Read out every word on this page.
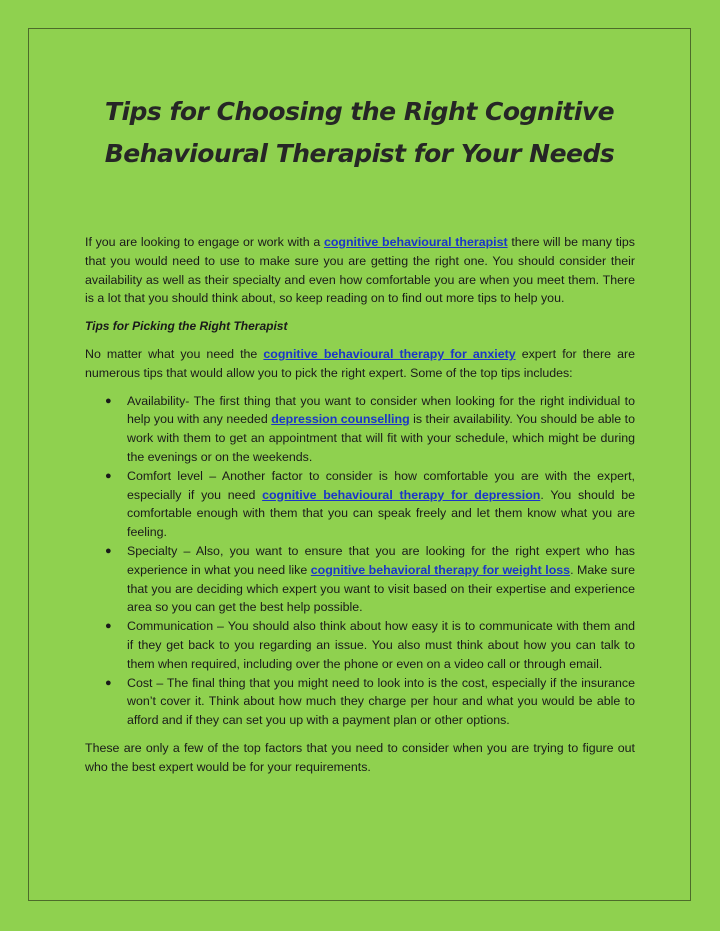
Tips for Choosing the Right Cognitive
Behavioural Therapist for Your Needs

If you are looking to engage or work with a cognitive behavioural therapist there will be many tips that you would need to use to make sure you are getting the right one. You should consider their availability as well as their specialty and even how comfortable you are when you meet them. There is a lot that you should think about, so keep reading on to find out more tips to help you.

Tips for Picking the Right Therapist

No matter what you need the cognitive behavioural therapy for anxiety expert for there are numerous tips that would allow you to pick the right expert. Some of the top tips includes:

● Availability- The first thing that you want to consider when looking for the right individual to help you with any needed depression counselling is their availability. You should be able to work with them to get an appointment that will fit with your schedule, which might be during the evenings or on the weekends.
● Comfort level – Another factor to consider is how comfortable you are with the expert, especially if you need cognitive behavioural therapy for depression. You should be comfortable enough with them that you can speak freely and let them know what you are feeling.
● Specialty – Also, you want to ensure that you are looking for the right expert who has experience in what you need like cognitive behavioral therapy for weight loss. Make sure that you are deciding which expert you want to visit based on their expertise and experience area so you can get the best help possible.
● Communication – You should also think about how easy it is to communicate with them and if they get back to you regarding an issue. You also must think about how you can talk to them when required, including over the phone or even on a video call or through email.
● Cost – The final thing that you might need to look into is the cost, especially if the insurance won’t cover it. Think about how much they charge per hour and what you would be able to afford and if they can set you up with a payment plan or other options.

These are only a few of the top factors that you need to consider when you are trying to figure out who the best expert would be for your requirements.
